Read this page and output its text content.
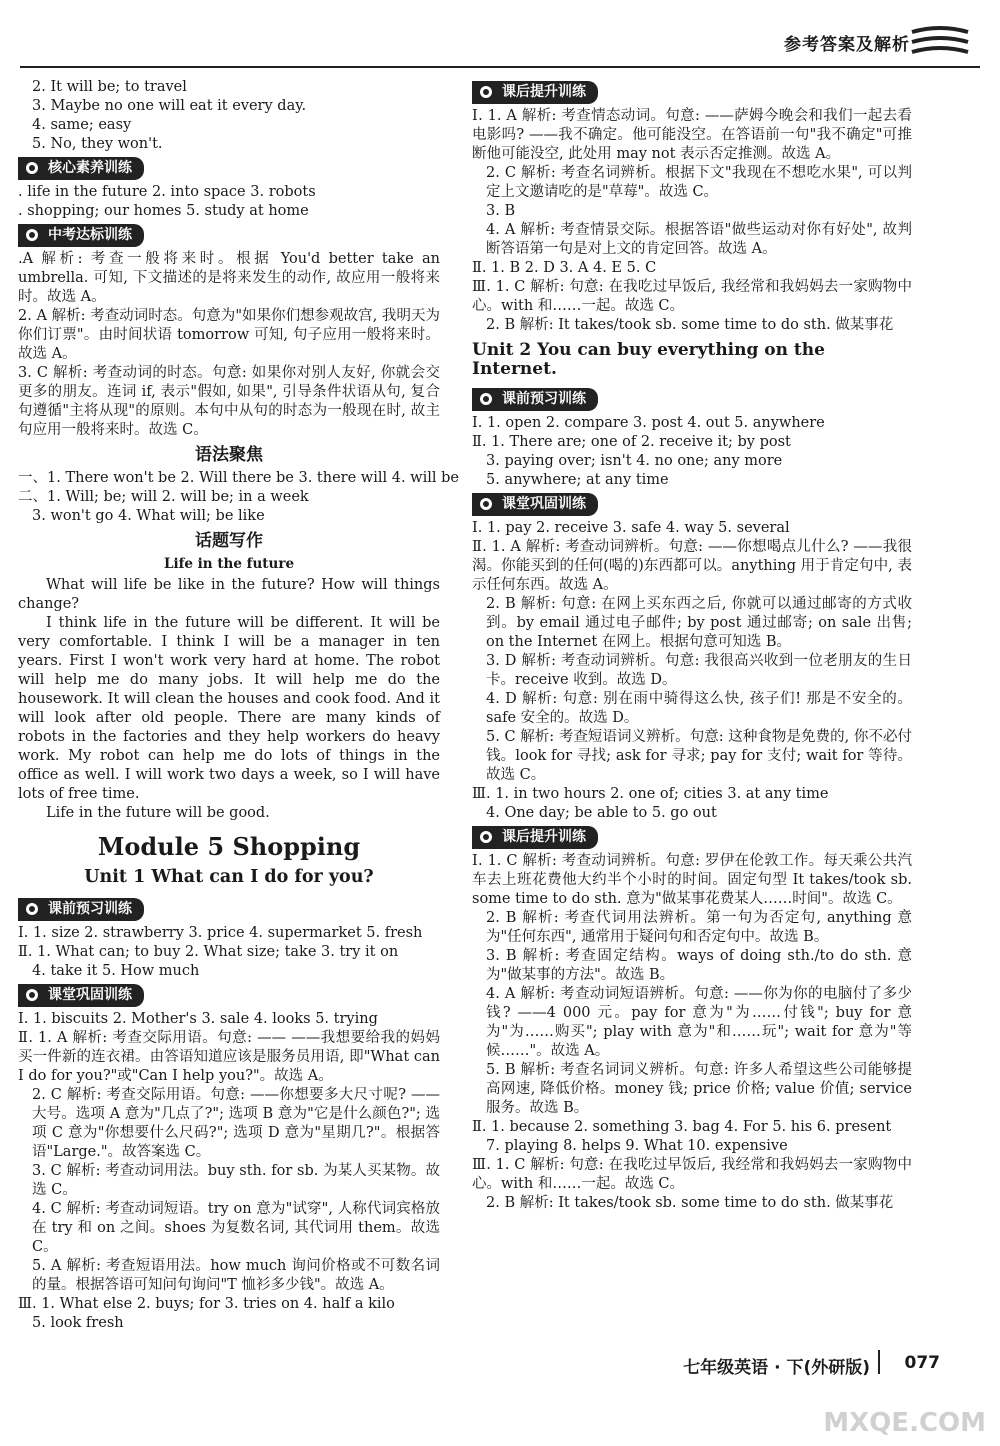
参考答案及解析

2. It will be; to travel

3. Maybe no one will eat it every day.

4. same; easy

5. No, they won't.

核心素养训练

. life in the future 2. into space 3. robots

. shopping; our homes 5. study at home

中考达标训练

.A 解析: 考查一般将来时。根据 You'd better take an umbrella. 可知, 下文描述的是将来发生的动作, 故应用一般将来时。故选 A。

2. A 解析: 考查动词时态。句意为"如果你们想参观故宫, 我明天为你们订票"。由时间状语 tomorrow 可知, 句子应用一般将来时。故选 A。

3. C 解析: 考查动词的时态。句意: 如果你对别人友好, 你就会交更多的朋友。连词 if, 表示"假如, 如果", 引导条件状语从句, 复合句遵循"主将从现"的原则。本句中从句的时态为一般现在时, 故主句应用一般将来时。故选 C。

语法聚焦

一、1. There won't be 2. Will there be 3. there will 4. will be

二、1. Will; be; will 2. will be; in a week

3. won't go 4. What will; be like

话题写作
Life in the future

What will life be like in the future? How will things change?

I think life in the future will be different. It will be very comfortable. I think I will be a manager in ten years. First I won't work very hard at home. The robot will help me do many jobs. It will help me do the housework. It will clean the houses and cook food. And it will look after old people. There are many kinds of robots in the factories and they help workers do heavy work. My robot can help me do lots of things in the office as well. I will work two days a week, so I will have lots of free time.

Life in the future will be good.

Module 5 Shopping
Unit 1 What can I do for you?
课前预习训练

Ⅰ. 1. size 2. strawberry 3. price 4. supermarket 5. fresh

Ⅱ. 1. What can; to buy 2. What size; take 3. try it on

4. take it 5. How much

课堂巩固训练

Ⅰ. 1. biscuits 2. Mother's 3. sale 4. looks 5. trying

Ⅱ. 1. A 解析: 考查交际用语。句意: —— ——我想要给我的妈妈买一件新的连衣裙。由答语知道应该是服务员用语, 即"What can I do for you?"或"Can I help you?"。故选 A。

2. C 解析: 考查交际用语。句意: ——你想要多大尺寸呢? ——大号。选项 A 意为"几点了?"; 选项 B 意为"它是什么颜色?"; 选项 C 意为"你想要什么尺码?"; 选项 D 意为"星期几?"。根据答语"Large."。故答案选 C。

3. C 解析: 考查动词用法。buy sth. for sb. 为某人买某物。故选 C。

4. C 解析: 考查动词短语。try on 意为"试穿", 人称代词宾格放在 try 和 on 之间。shoes 为复数名词, 其代词用 them。故选 C。

5. A 解析: 考查短语用法。how much 询问价格或不可数名词的量。根据答语可知问句询问"T 恤衫多少钱"。故选 A。

Ⅲ. 1. What else 2. buys; for 3. tries on 4. half a kilo

5. look fresh

课后提升训练

Ⅰ. 1. A 解析: 考查情态动词。句意: ——萨姆今晚会和我们一起去看电影吗? ——我不确定。他可能没空。在答语前一句"我不确定"可推断他可能没空, 此处用 may not 表示否定推测。故选 A。

2. C 解析: 考查名词辨析。根据下文"我现在不想吃水果", 可以判定上文邀请吃的是"草莓"。故选 C。

3. B

4. A 解析: 考查情景交际。根据答语"做些运动对你有好处", 故判断答语第一句是对上文的肯定回答。故选 A。

Ⅱ. 1. B 2. D 3. A 4. E 5. C

Ⅲ. 1. C 解析: 句意: 在我吃过早饭后, 我经常和我妈妈去一家购物中心。with 和……一起。故选 C。

2. B 解析: It takes/took sb. some time to do sth. 做某事花

Unit 2 You can buy everything on the Internet.
课前预习训练

Ⅰ. 1. open 2. compare 3. post 4. out 5. anywhere

Ⅱ. 1. There are; one of 2. receive it; by post

3. paying over; isn't 4. no one; any more

5. anywhere; at any time

课堂巩固训练

Ⅰ. 1. pay 2. receive 3. safe 4. way 5. several

Ⅱ. 1. A 解析: 考查动词辨析。句意: ——你想喝点儿什么? ——我很渴。你能买到的任何(喝的)东西都可以。anything 用于肯定句中, 表示任何东西。故选 A。

2. B 解析: 句意: 在网上买东西之后, 你就可以通过邮寄的方式收到。by email 通过电子邮件; by post 通过邮寄; on sale 出售; on the Internet 在网上。根据句意可知选 B。

3. D 解析: 考查动词辨析。句意: 我很高兴收到一位老朋友的生日卡。receive 收到。故选 D。

4. D 解析: 句意: 别在雨中骑得这么快, 孩子们! 那是不安全的。safe 安全的。故选 D。

5. C 解析: 考查短语词义辨析。句意: 这种食物是免费的, 你不必付钱。look for 寻找; ask for 寻求; pay for 支付; wait for 等待。故选 C。

Ⅲ. 1. in two hours 2. one of; cities 3. at any time

4. One day; be able to 5. go out

课后提升训练

Ⅰ. 1. C 解析: 考查动词辨析。句意: 罗伊在伦敦工作。每天乘公共汽车去上班花费他大约半个小时的时间。固定句型 It takes/took sb. some time to do sth. 意为"做某事花费某人……时间"。故选 C。

2. B 解析: 考查代词用法辨析。第一句为否定句, anything 意为"任何东西", 通常用于疑问句和否定句中。故选 B。

3. B 解析: 考查固定结构。ways of doing sth./to do sth. 意为"做某事的方法"。故选 B。

4. A 解析: 考查动词短语辨析。句意: ——你为你的电脑付了多少钱? ——4 000 元。pay for 意为"为……付钱"; buy for 意为"为……购买"; play with 意为"和……玩"; wait for 意为"等候……"。故选 A。

5. B 解析: 考查名词词义辨析。句意: 许多人希望这些公司能够提高网速, 降低价格。money 钱; price 价格; value 价值; service 服务。故选 B。

Ⅱ. 1. because 2. something 3. bag 4. For 5. his 6. present

7. playing 8. helps 9. What 10. expensive

Ⅲ. 1. C 解析: 句意: 在我吃过早饭后, 我经常和我妈妈去一家购物中心。with 和……一起。故选 C。

2. B 解析: It takes/took sb. some time to do sth. 做某事花

七年级英语 · 下(外研版) 077
MXQE.COM
